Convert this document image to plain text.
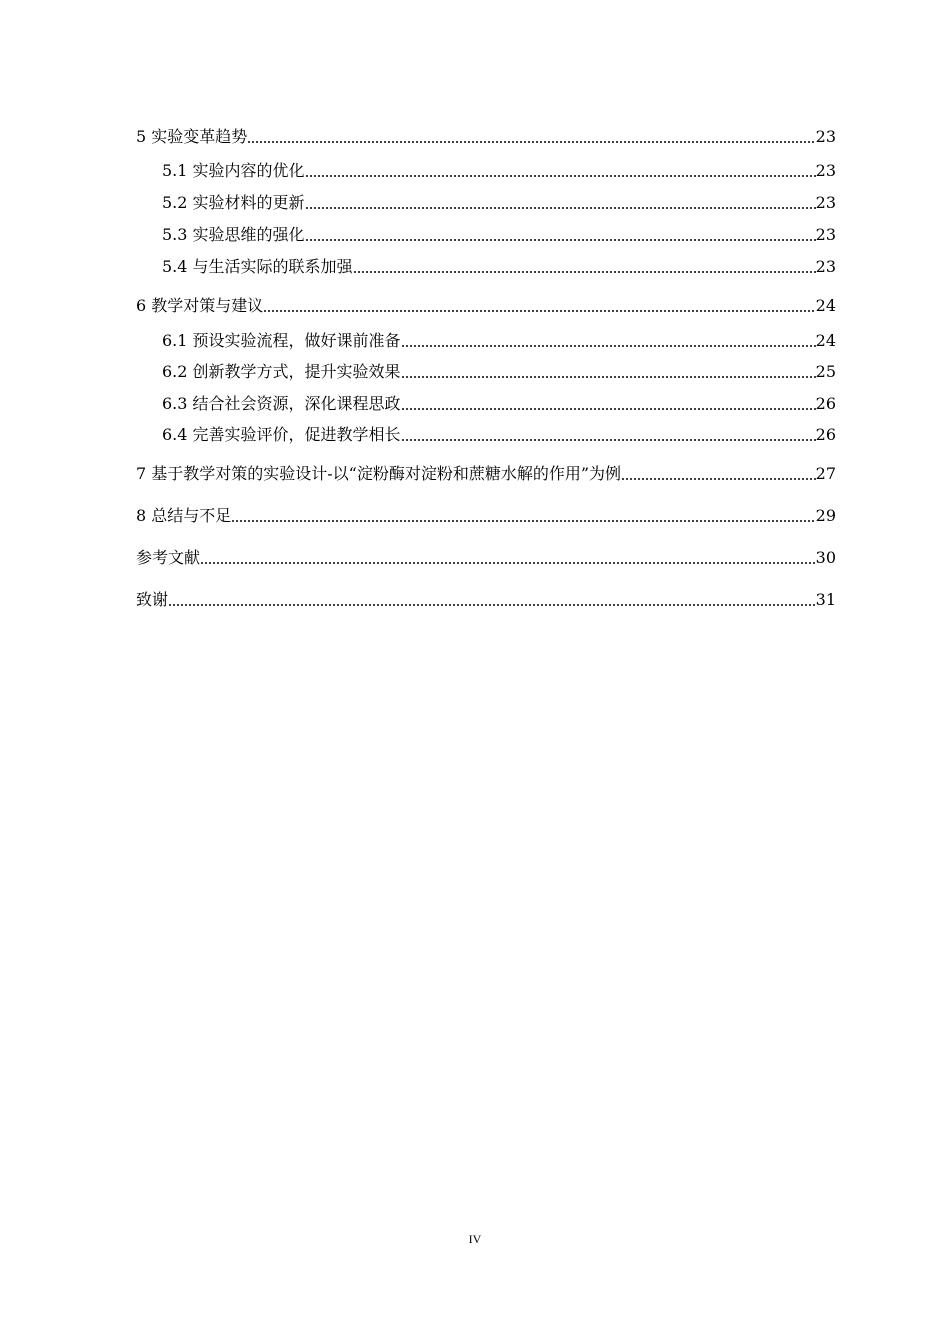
5 实验变革趋势	23
5.1 实验内容的优化	23
5.2 实验材料的更新	23
5.3 实验思维的强化	23
5.4 与生活实际的联系加强	23
6 教学对策与建议	24
6.1 预设实验流程，做好课前准备	24
6.2 创新教学方式，提升实验效果	25
6.3 结合社会资源，深化课程思政	26
6.4 完善实验评价，促进教学相长	26
7 基于教学对策的实验设计-以“淀粉酶对淀粉和蔗糖水解的作用”为例	27
8 总结与不足	29
参考文献	30
致谢	31
IV
